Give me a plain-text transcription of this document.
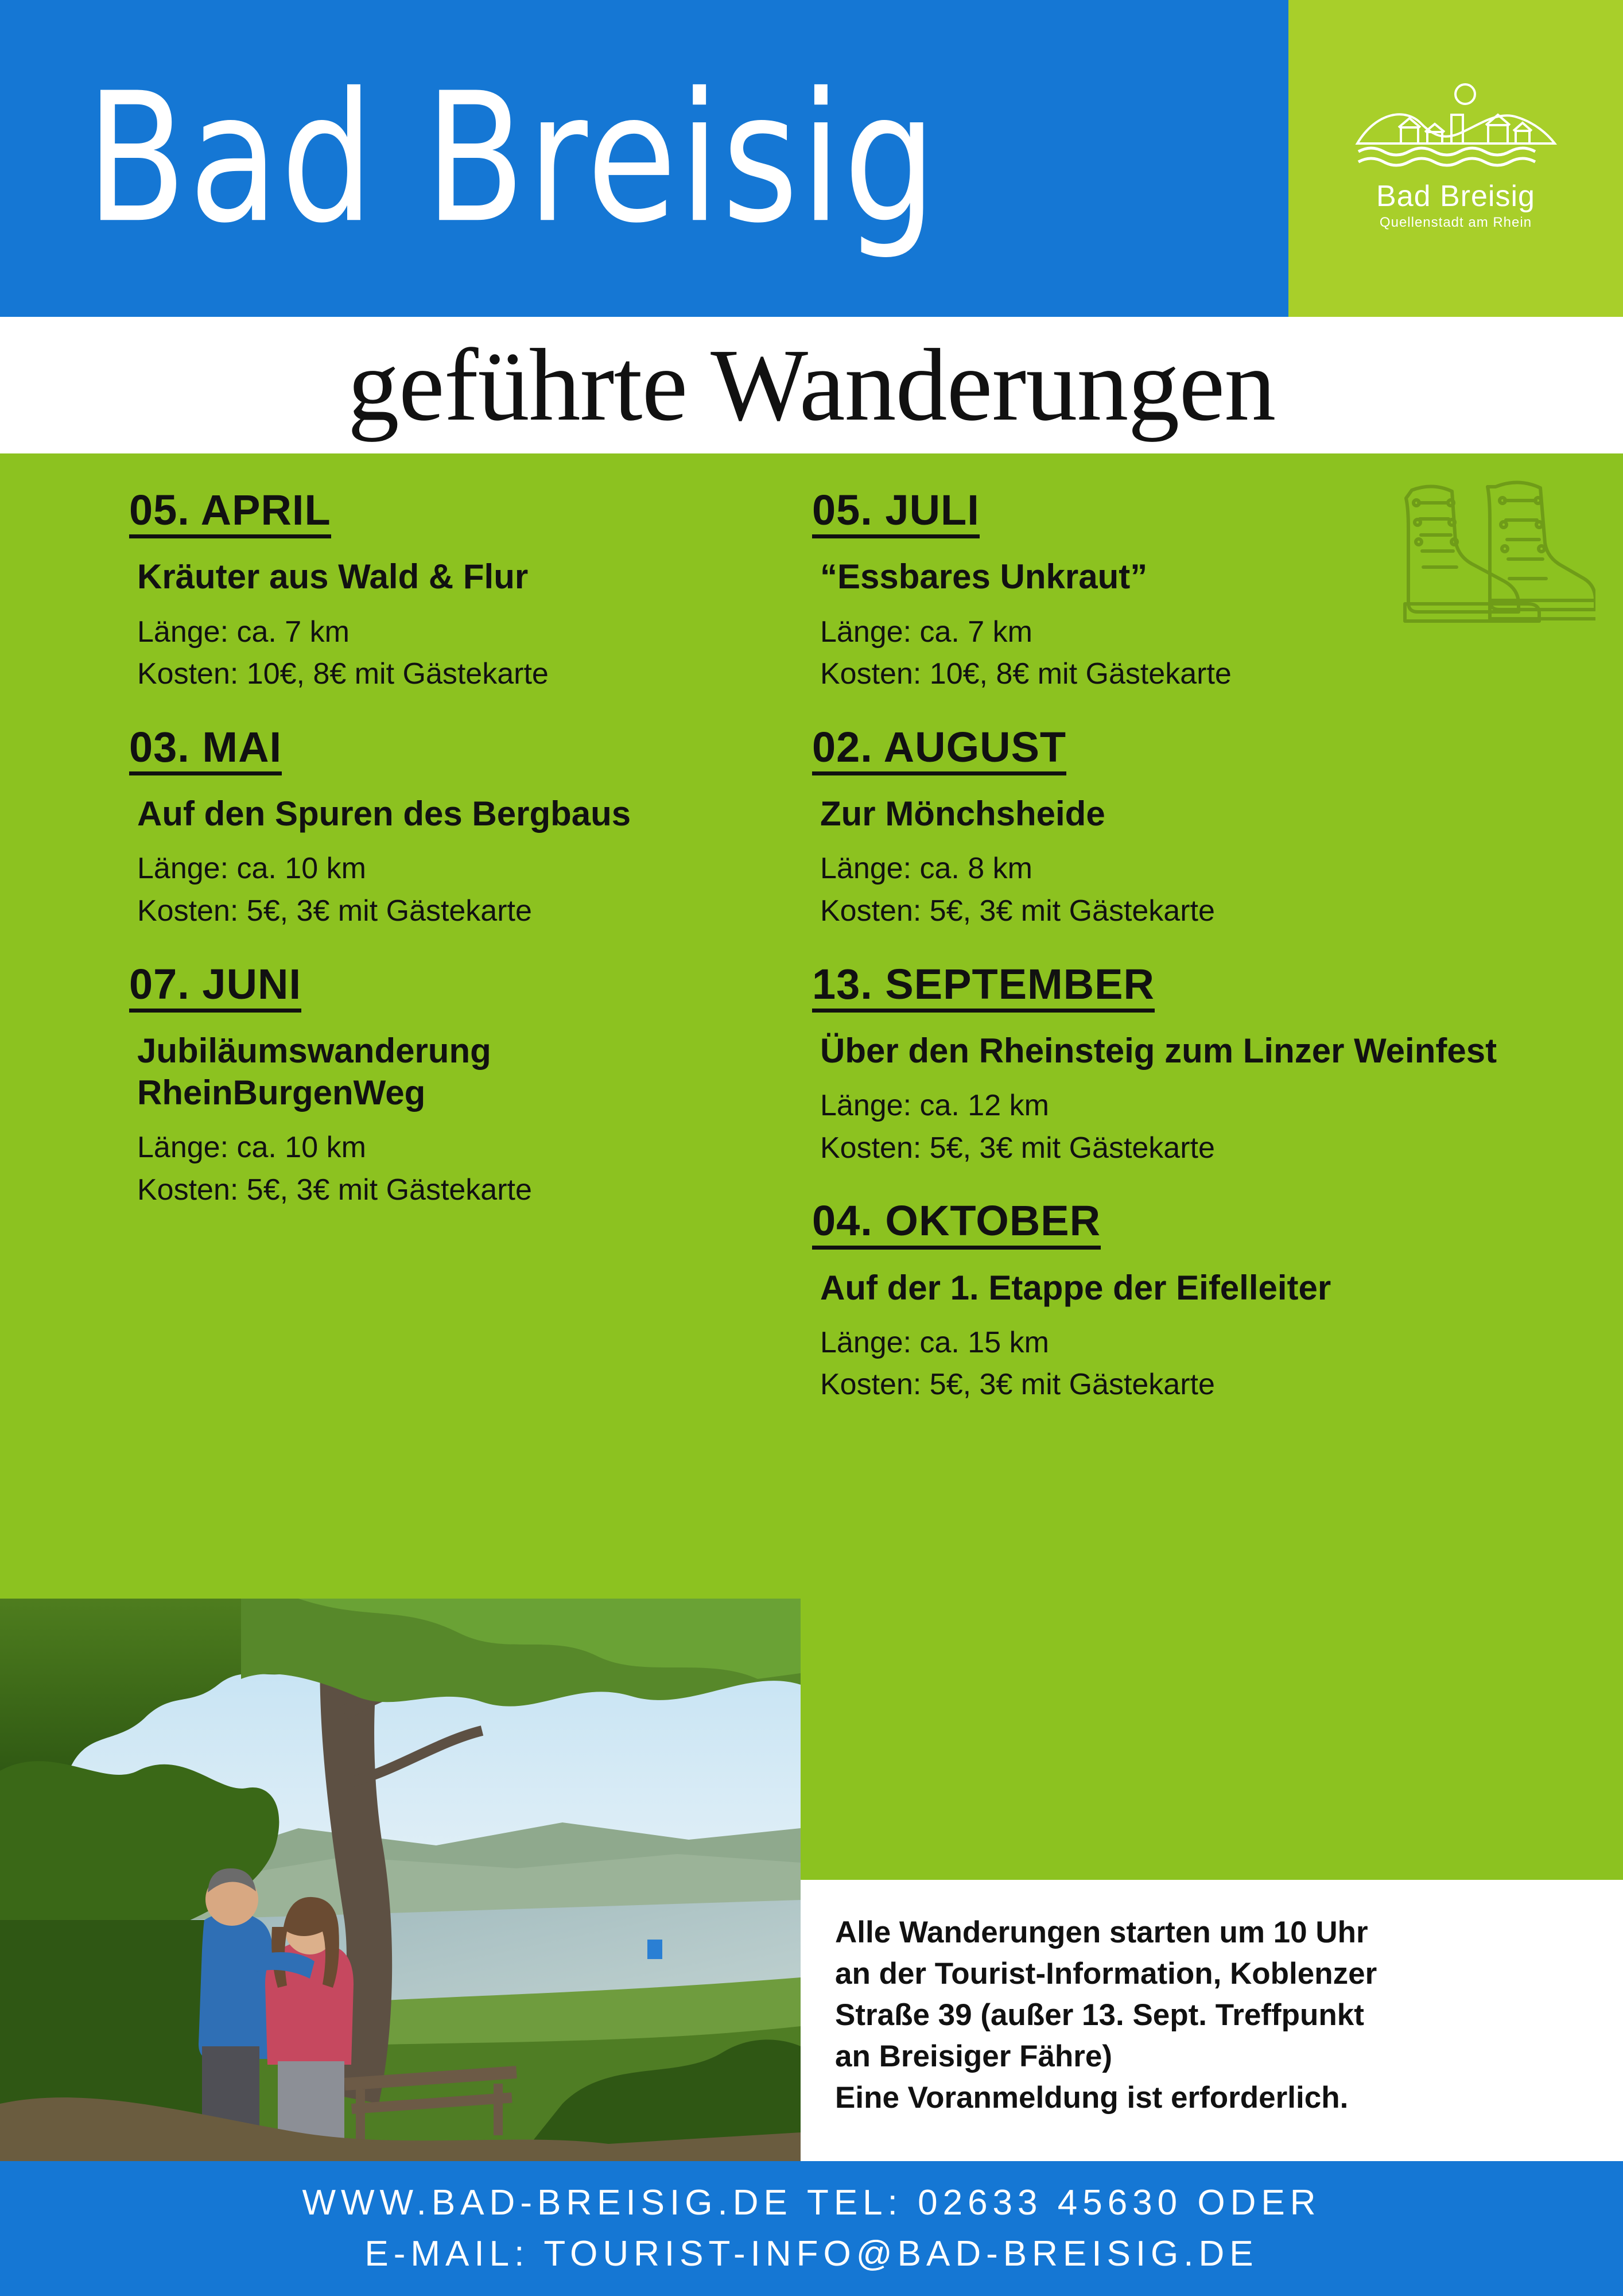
Bad Breisig	Bad Breisig
Quellenstadt am Rhein
geführte Wanderungen
05. APRIL
Kräuter aus Wald & Flur
Länge: ca. 7 km
Kosten: 10€, 8€ mit Gästekarte
03. MAI
Auf den Spuren des Bergbaus
Länge: ca. 10 km
Kosten: 5€, 3€ mit Gästekarte
07. JUNI
Jubiläumswanderung RheinBurgenWeg
Länge: ca. 10 km
Kosten: 5€, 3€ mit Gästekarte
05. JULI
“Essbares Unkraut”
Länge: ca. 7 km
Kosten: 10€, 8€ mit Gästekarte
02. AUGUST
Zur Mönchsheide
Länge: ca. 8 km
Kosten: 5€, 3€ mit Gästekarte
13. SEPTEMBER
Über den Rheinsteig zum Linzer Weinfest
Länge: ca. 12 km
Kosten: 5€, 3€ mit Gästekarte
04. OKTOBER
Auf der 1. Etappe der Eifelleiter
Länge: ca. 15 km
Kosten: 5€, 3€ mit Gästekarte

Alle Wanderungen starten um 10 Uhr

an der Tourist-Information, Koblenzer

Straße 39 (außer 13. Sept. Treffpunkt

an Breisiger Fähre)

Eine Voranmeldung ist erforderlich.

WWW.BAD-BREISIG.DE TEL: 02633 45630 ODER
E-MAIL: TOURIST-INFO@BAD-BREISIG.DE
